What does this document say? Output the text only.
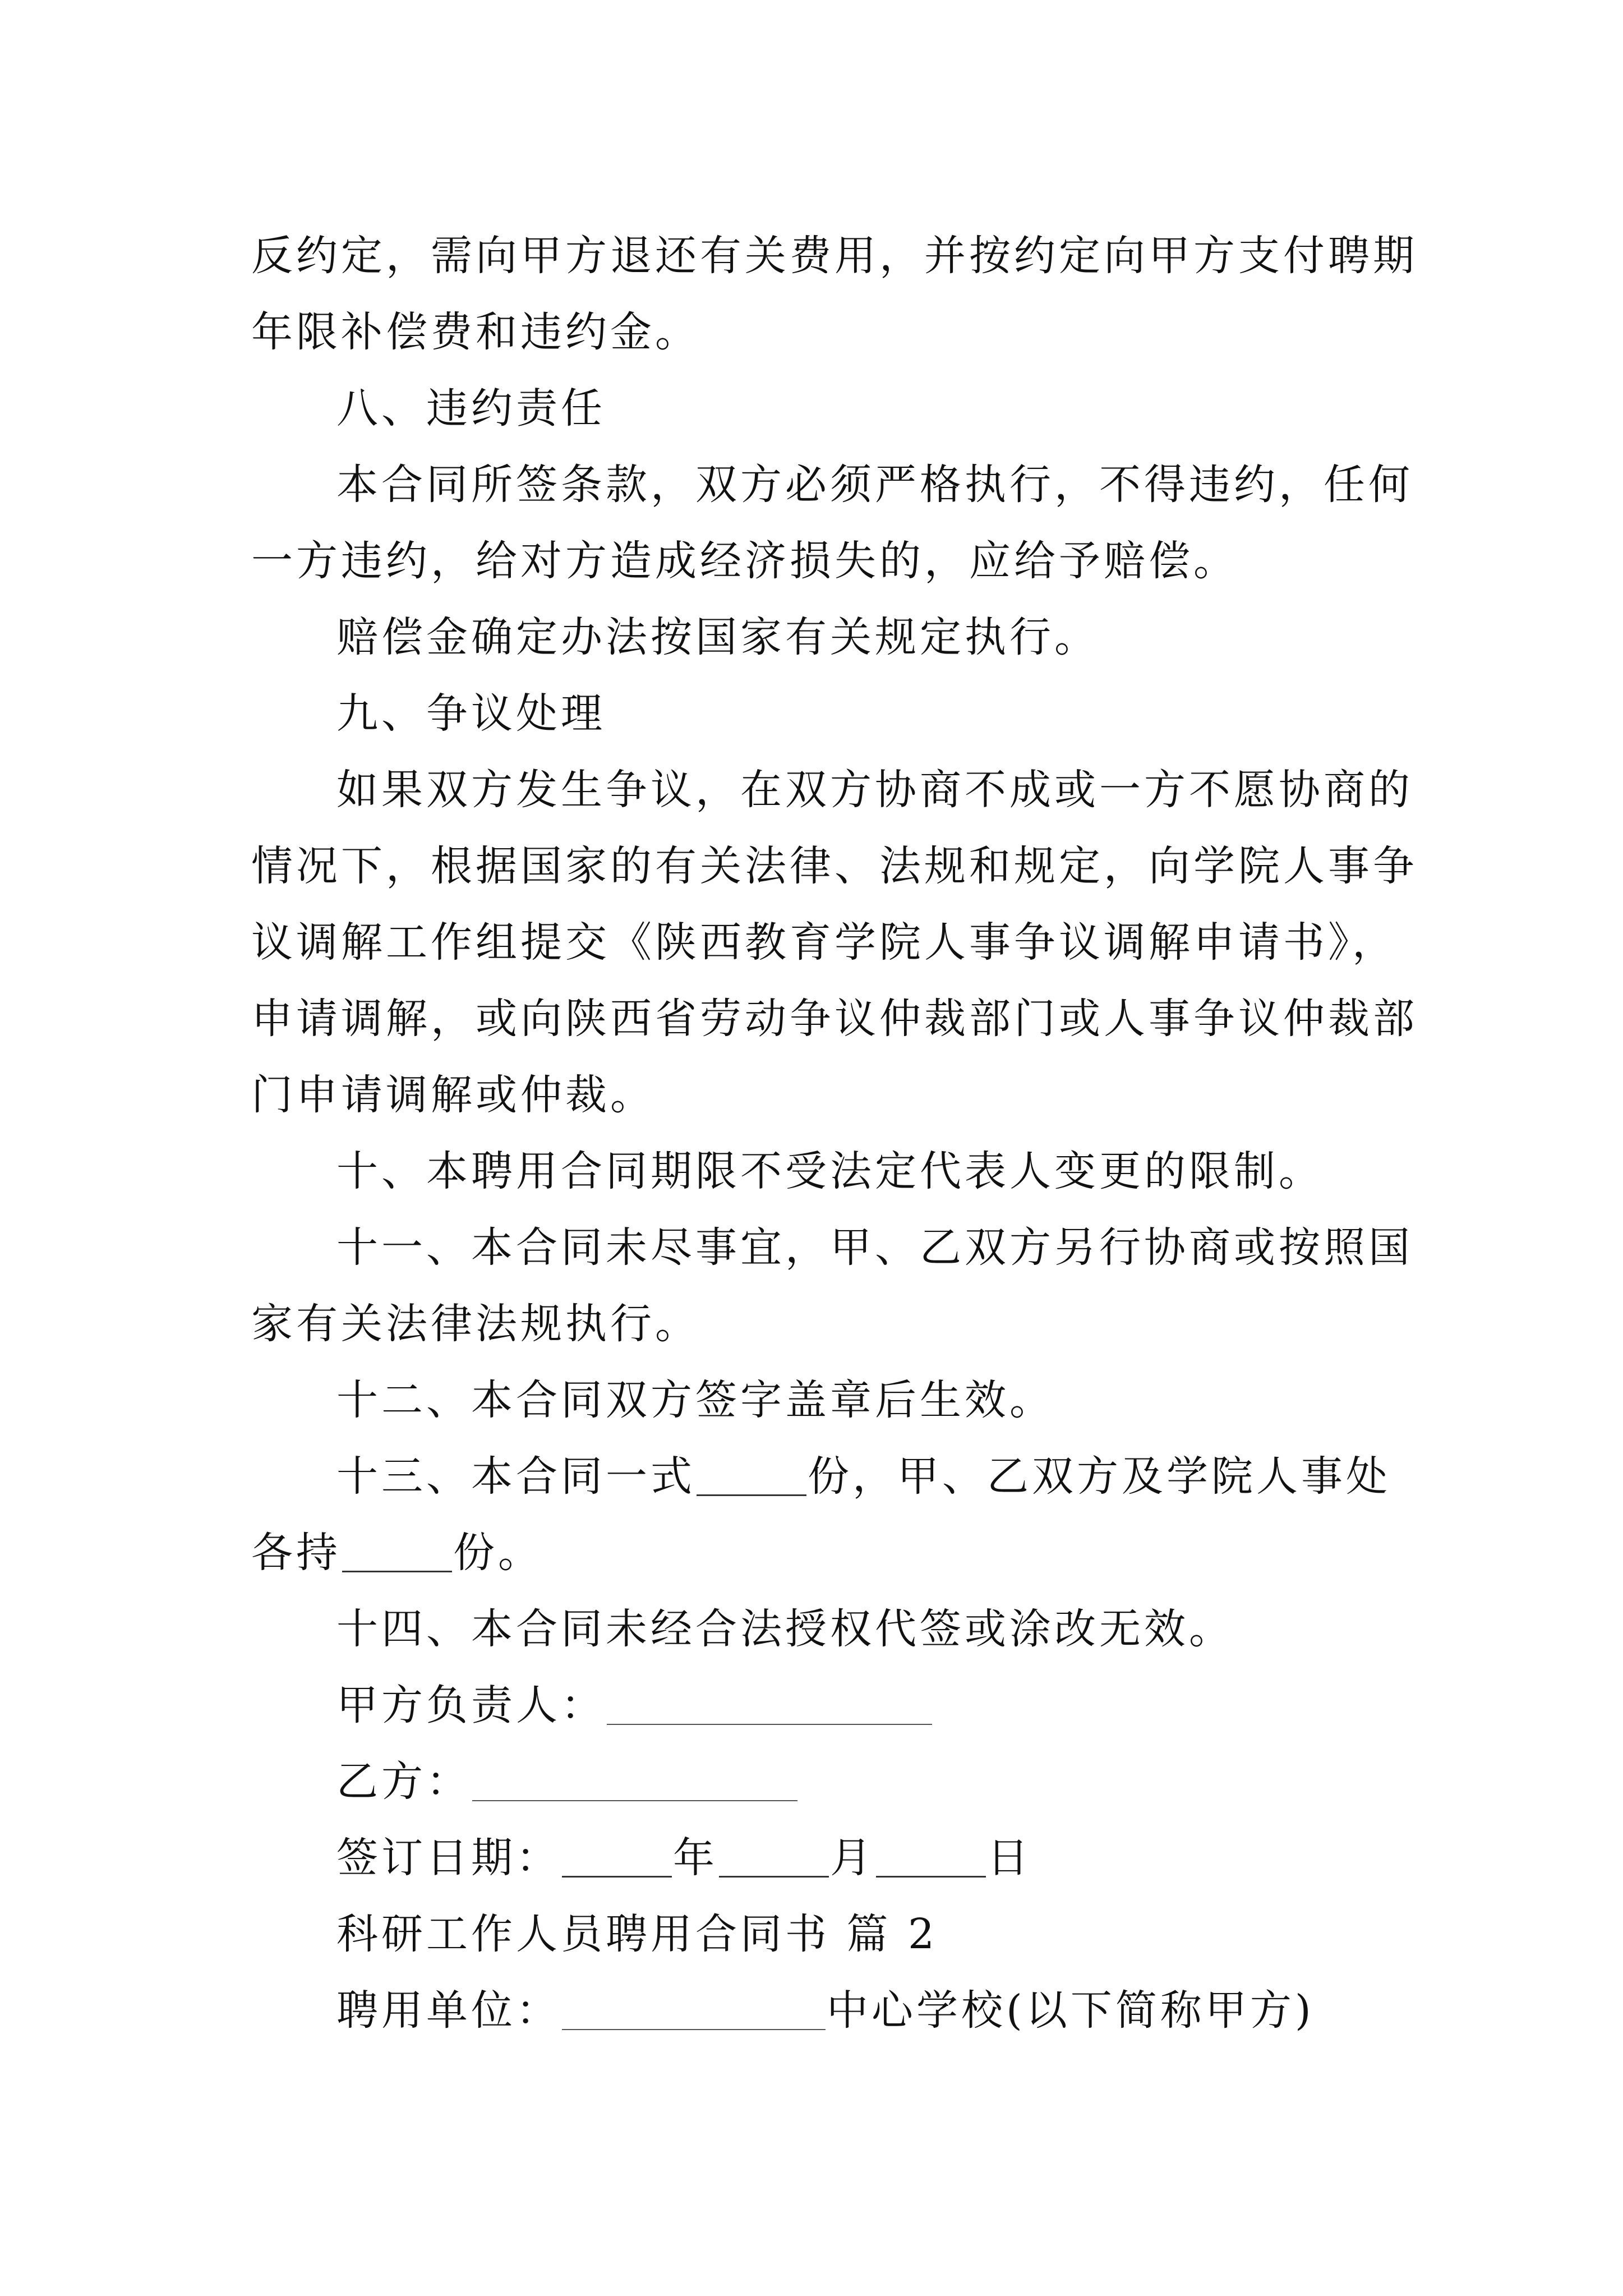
反约定，需向甲方退还有关费用，并按约定向甲方支付聘期
年限补偿费和违约金。
八、违约责任
本合同所签条款，双方必须严格执行，不得违约，任何
一方违约，给对方造成经济损失的，应给予赔偿。
赔偿金确定办法按国家有关规定执行。
九、争议处理
如果双方发生争议，在双方协商不成或一方不愿协商的
情况下，根据国家的有关法律、法规和规定，向学院人事争
议调解工作组提交《陕西教育学院人事争议调解申请书》，
申请调解，或向陕西省劳动争议仲裁部门或人事争议仲裁部
门申请调解或仲裁。
十、本聘用合同期限不受法定代表人变更的限制。
十一、本合同未尽事宜，甲、乙双方另行协商或按照国
家有关法律法规执行。
十二、本合同双方签字盖章后生效。
十三、本合同一式	份，甲、乙双方及学院人事处
各持	份。
十四、本合同未经合法授权代签或涂改无效。
甲方负责人：
乙方：
签订日期：	年	月	日
科研工作人员聘用合同书 篇 2
聘用单位：	中心学校(以下简称甲方)
